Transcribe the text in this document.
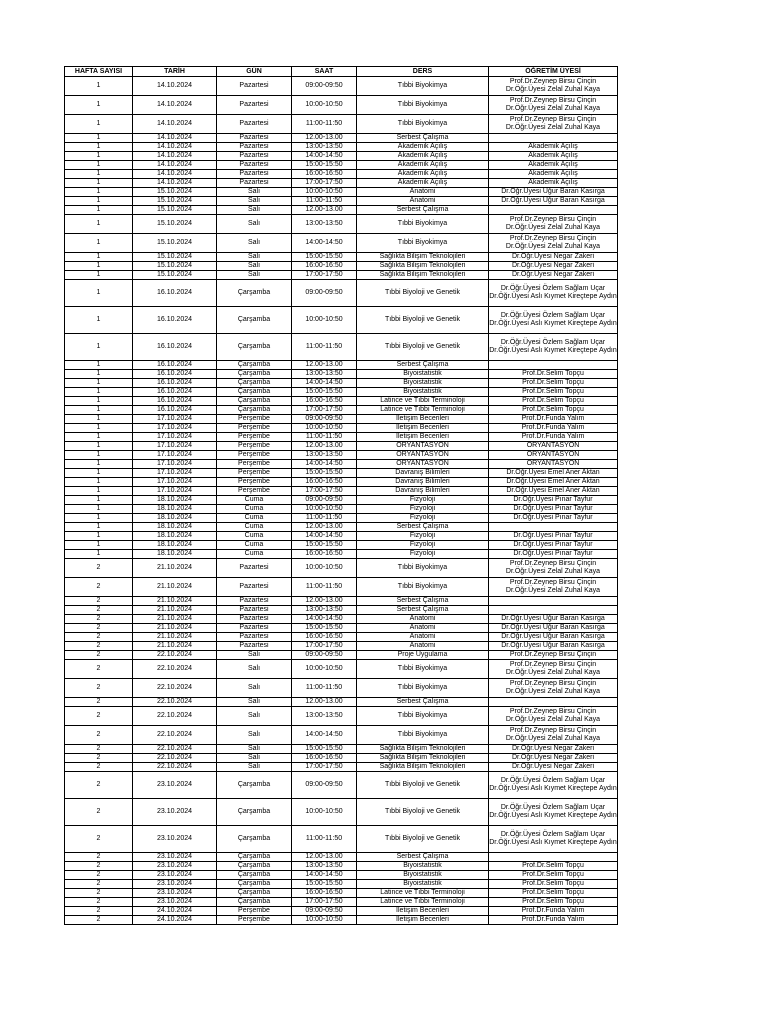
HAFTA SAYISI	TARİH	GÜN	SAAT	DERS	ÖĞRETİM ÜYESİ
1	14.10.2024	Pazartesi	09:00-09:50	Tıbbi Biyokimya	Prof.Dr.Zeynep Birsu Çinçin
Dr.Öğr.Üyesi Zelal Zuhal Kaya

1	14.10.2024	Pazartesi	10:00-10:50	Tıbbi Biyokimya	Prof.Dr.Zeynep Birsu Çinçin
Dr.Öğr.Üyesi Zelal Zuhal Kaya

1	14.10.2024	Pazartesi	11:00-11:50	Tıbbi Biyokimya	Prof.Dr.Zeynep Birsu Çinçin
Dr.Öğr.Üyesi Zelal Zuhal Kaya

1	14.10.2024	Pazartesi	12.00-13.00	Serbest Çalışma	

1	14.10.2024	Pazartesi	13:00-13:50	Akademik Açılış	Akademik Açılış

1	14.10.2024	Pazartesi	14:00-14:50	Akademik Açılış	Akademik Açılış

1	14.10.2024	Pazartesi	15:00-15:50	Akademik Açılış	Akademik Açılış

1	14.10.2024	Pazartesi	16:00-16:50	Akademik Açılış	Akademik Açılış

1	14.10.2024	Pazartesi	17:00-17:50	Akademik Açılış	Akademik Açılış

1	15.10.2024	Salı	10:00-10:50	Anatomi	Dr.Öğr.Üyesi Uğur Baran Kasırga

1	15.10.2024	Salı	11:00-11:50	Anatomi	Dr.Öğr.Üyesi Uğur Baran Kasırga

1	15.10.2024	Salı	12.00-13.00	Serbest Çalışma	

1	15.10.2024	Salı	13:00-13:50	Tıbbi Biyokimya	Prof.Dr.Zeynep Birsu Çinçin
Dr.Öğr.Üyesi Zelal Zuhal Kaya

1	15.10.2024	Salı	14:00-14:50	Tıbbi Biyokimya	Prof.Dr.Zeynep Birsu Çinçin
Dr.Öğr.Üyesi Zelal Zuhal Kaya

1	15.10.2024	Salı	15:00-15:50	Sağlıkta Bilişim Teknolojileri	Dr.Öğr.Üyesi Negar Zakeri

1	15.10.2024	Salı	16:00-16:50	Sağlıkta Bilişim Teknolojileri	Dr.Öğr.Üyesi Negar Zakeri

1	15.10.2024	Salı	17:00-17:50	Sağlıkta Bilişim Teknolojileri	Dr.Öğr.Üyesi Negar Zakeri

1	16.10.2024	Çarşamba	09:00-09:50	Tıbbi Biyoloji ve Genetik	Dr.Öğr.Üyesi Özlem Sağlam Uçar
Dr.Öğr.Üyesi Aslı Kıymet Kireçtepe Aydın

1	16.10.2024	Çarşamba	10:00-10:50	Tıbbi Biyoloji ve Genetik	Dr.Öğr.Üyesi Özlem Sağlam Uçar
Dr.Öğr.Üyesi Aslı Kıymet Kireçtepe Aydın

1	16.10.2024	Çarşamba	11:00-11:50	Tıbbi Biyoloji ve Genetik	Dr.Öğr.Üyesi Özlem Sağlam Uçar
Dr.Öğr.Üyesi Aslı Kıymet Kireçtepe Aydın

1	16.10.2024	Çarşamba	12.00-13.00	Serbest Çalışma	

1	16.10.2024	Çarşamba	13:00-13:50	Biyoistatistik	Prof.Dr.Selim Topçu

1	16.10.2024	Çarşamba	14:00-14:50	Biyoistatistik	Prof.Dr.Selim Topçu

1	16.10.2024	Çarşamba	15:00-15:50	Biyoistatistik	Prof.Dr.Selim Topçu

1	16.10.2024	Çarşamba	16:00-16:50	Latince ve Tıbbi Terminoloji	Prof.Dr.Selim Topçu

1	16.10.2024	Çarşamba	17:00-17:50	Latince ve Tıbbi Terminoloji	Prof.Dr.Selim Topçu

1	17.10.2024	Perşembe	09:00-09:50	İletişim Becerileri	Prof.Dr.Funda Yalım

1	17.10.2024	Perşembe	10:00-10:50	İletişim Becerileri	Prof.Dr.Funda Yalım

1	17.10.2024	Perşembe	11:00-11:50	İletişim Becerileri	Prof.Dr.Funda Yalım

1	17.10.2024	Perşembe	12.00-13.00	ORYANTASYON	ORYANTASYON

1	17.10.2024	Perşembe	13:00-13:50	ORYANTASYON	ORYANTASYON

1	17.10.2024	Perşembe	14:00-14:50	ORYANTASYON	ORYANTASYON

1	17.10.2024	Perşembe	15:00-15:50	Davranış Bilimleri	Dr.Öğr.Üyesi Emel Aner Aktan

1	17.10.2024	Perşembe	16:00-16:50	Davranış Bilimleri	Dr.Öğr.Üyesi Emel Aner Aktan

1	17.10.2024	Perşembe	17:00-17:50	Davranış Bilimleri	Dr.Öğr.Üyesi Emel Aner Aktan

1	18.10.2024	Cuma	09:00-09:50	Fizyoloji	Dr.Öğr.Üyesi Pınar Tayfur

1	18.10.2024	Cuma	10:00-10:50	Fizyoloji	Dr.Öğr.Üyesi Pınar Tayfur

1	18.10.2024	Cuma	11:00-11:50	Fizyoloji	Dr.Öğr.Üyesi Pınar Tayfur

1	18.10.2024	Cuma	12.00-13.00	Serbest Çalışma	

1	18.10.2024	Cuma	14:00-14:50	Fizyoloji	Dr.Öğr.Üyesi Pınar Tayfur

1	18.10.2024	Cuma	15:00-15:50	Fizyoloji	Dr.Öğr.Üyesi Pınar Tayfur

1	18.10.2024	Cuma	16:00-16:50	Fizyoloji	Dr.Öğr.Üyesi Pınar Tayfur

2	21.10.2024	Pazartesi	10:00-10:50	Tıbbi Biyokimya	Prof.Dr.Zeynep Birsu Çinçin
Dr.Öğr.Üyesi Zelal Zuhal Kaya

2	21.10.2024	Pazartesi	11:00-11:50	Tıbbi Biyokimya	Prof.Dr.Zeynep Birsu Çinçin
Dr.Öğr.Üyesi Zelal Zuhal Kaya

2	21.10.2024	Pazartesi	12.00-13.00	Serbest Çalışma	

2	21.10.2024	Pazartesi	13:00-13:50	Serbest Çalışma	

2	21.10.2024	Pazartesi	14:00-14:50	Anatomi	Dr.Öğr.Üyesi Uğur Baran Kasırga

2	21.10.2024	Pazartesi	15:00-15:50	Anatomi	Dr.Öğr.Üyesi Uğur Baran Kasırga

2	21.10.2024	Pazartesi	16:00-16:50	Anatomi	Dr.Öğr.Üyesi Uğur Baran Kasırga

2	21.10.2024	Pazartesi	17:00-17:50	Anatomi	Dr.Öğr.Üyesi Uğur Baran Kasırga

2	22.10.2024	Salı	09:00-09:50	Proje Uygulama	Prof.Dr.Zeynep Birsu Çinçin

2	22.10.2024	Salı	10:00-10:50	Tıbbi Biyokimya	Prof.Dr.Zeynep Birsu Çinçin
Dr.Öğr.Üyesi Zelal Zuhal Kaya

2	22.10.2024	Salı	11:00-11:50	Tıbbi Biyokimya	Prof.Dr.Zeynep Birsu Çinçin
Dr.Öğr.Üyesi Zelal Zuhal Kaya

2	22.10.2024	Salı	12.00-13.00	Serbest Çalışma	

2	22.10.2024	Salı	13:00-13:50	Tıbbi Biyokimya	Prof.Dr.Zeynep Birsu Çinçin
Dr.Öğr.Üyesi Zelal Zuhal Kaya

2	22.10.2024	Salı	14:00-14:50	Tıbbi Biyokimya	Prof.Dr.Zeynep Birsu Çinçin
Dr.Öğr.Üyesi Zelal Zuhal Kaya

2	22.10.2024	Salı	15:00-15:50	Sağlıkta Bilişim Teknolojileri	Dr.Öğr.Üyesi Negar Zakeri

2	22.10.2024	Salı	16:00-16:50	Sağlıkta Bilişim Teknolojileri	Dr.Öğr.Üyesi Negar Zakeri

2	22.10.2024	Salı	17:00-17:50	Sağlıkta Bilişim Teknolojileri	Dr.Öğr.Üyesi Negar Zakeri

2	23.10.2024	Çarşamba	09:00-09:50	Tıbbi Biyoloji ve Genetik	Dr.Öğr.Üyesi Özlem Sağlam Uçar
Dr.Öğr.Üyesi Aslı Kıymet Kireçtepe Aydın

2	23.10.2024	Çarşamba	10:00-10:50	Tıbbi Biyoloji ve Genetik	Dr.Öğr.Üyesi Özlem Sağlam Uçar
Dr.Öğr.Üyesi Aslı Kıymet Kireçtepe Aydın

2	23.10.2024	Çarşamba	11:00-11:50	Tıbbi Biyoloji ve Genetik	Dr.Öğr.Üyesi Özlem Sağlam Uçar
Dr.Öğr.Üyesi Aslı Kıymet Kireçtepe Aydın

2	23.10.2024	Çarşamba	12.00-13.00	Serbest Çalışma	

2	23.10.2024	Çarşamba	13:00-13:50	Biyoistatistik	Prof.Dr.Selim Topçu

2	23.10.2024	Çarşamba	14:00-14:50	Biyoistatistik	Prof.Dr.Selim Topçu

2	23.10.2024	Çarşamba	15:00-15:50	Biyoistatistik	Prof.Dr.Selim Topçu

2	23.10.2024	Çarşamba	16:00-16:50	Latince ve Tıbbi Terminoloji	Prof.Dr.Selim Topçu

2	23.10.2024	Çarşamba	17:00-17:50	Latince ve Tıbbi Terminoloji	Prof.Dr.Selim Topçu

2	24.10.2024	Perşembe	09:00-09:50	İletişim Becerileri	Prof.Dr.Funda Yalım

2	24.10.2024	Perşembe	10:00-10:50	İletişim Becerileri	Prof.Dr.Funda Yalım
